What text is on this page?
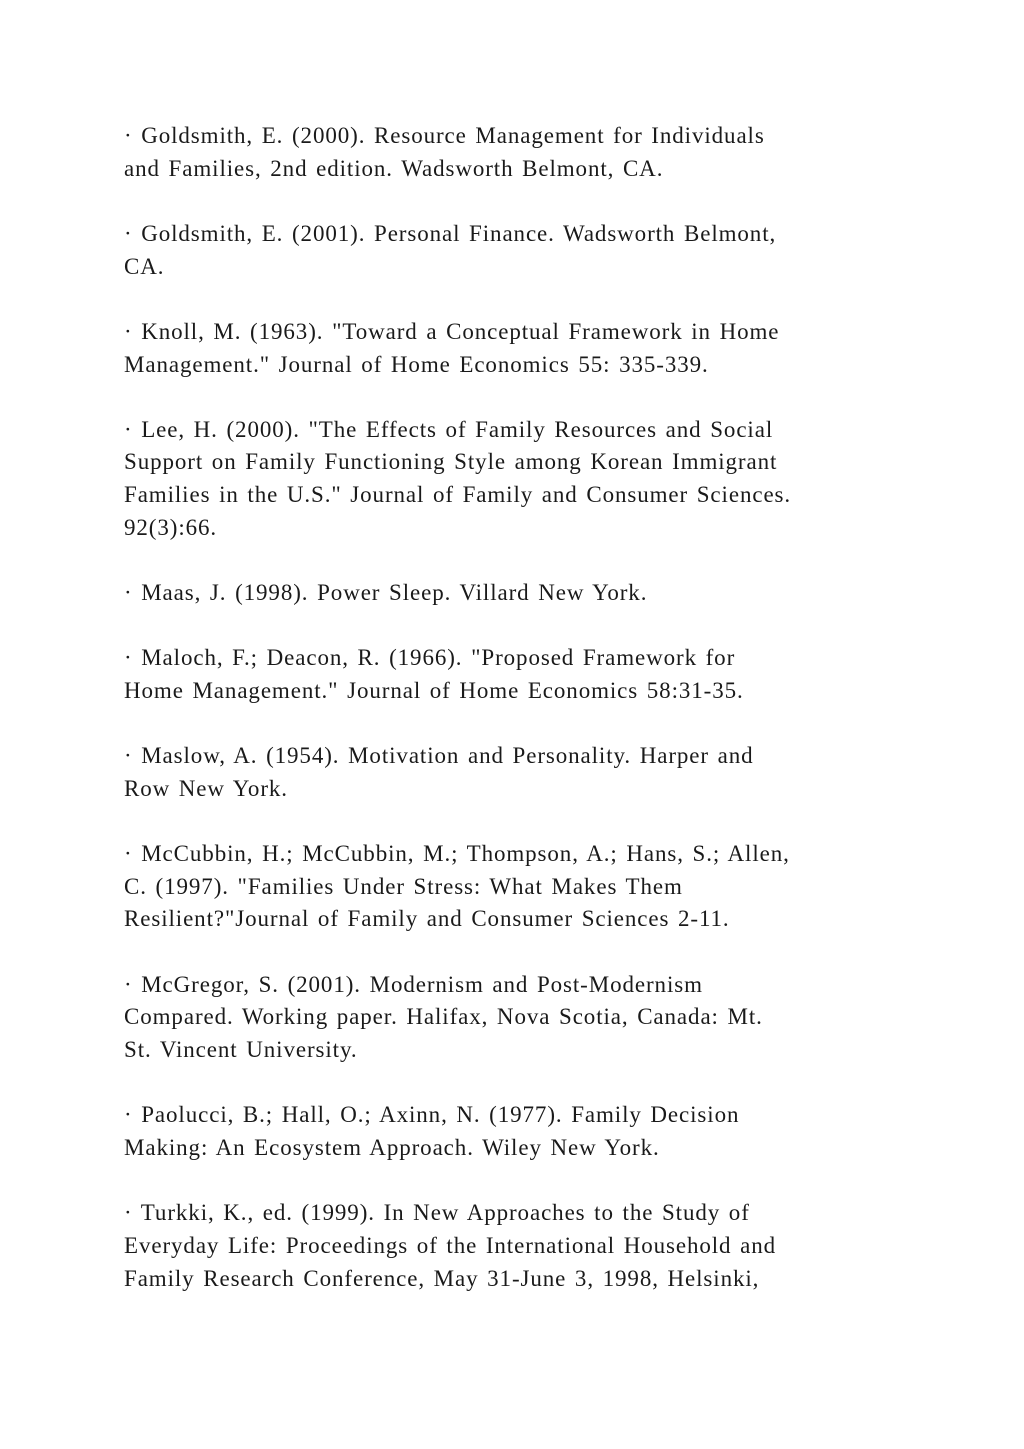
· Goldsmith, E. (2000). Resource Management for Individuals
and Families, 2nd edition. Wadsworth Belmont, CA.
· Goldsmith, E. (2001). Personal Finance. Wadsworth Belmont,
CA.
· Knoll, M. (1963). "Toward a Conceptual Framework in Home
Management." Journal of Home Economics 55: 335-339.
· Lee, H. (2000). "The Effects of Family Resources and Social
Support on Family Functioning Style among Korean Immigrant
Families in the U.S." Journal of Family and Consumer Sciences.
92(3):66.
· Maas, J. (1998). Power Sleep. Villard New York.
· Maloch, F.; Deacon, R. (1966). "Proposed Framework for
Home Management." Journal of Home Economics 58:31-35.
· Maslow, A. (1954). Motivation and Personality. Harper and
Row New York.
· McCubbin, H.; McCubbin, M.; Thompson, A.; Hans, S.; Allen,
C. (1997). "Families Under Stress: What Makes Them
Resilient?"Journal of Family and Consumer Sciences 2-11.
· McGregor, S. (2001). Modernism and Post-Modernism
Compared. Working paper. Halifax, Nova Scotia, Canada: Mt.
St. Vincent University.
· Paolucci, B.; Hall, O.; Axinn, N. (1977). Family Decision
Making: An Ecosystem Approach. Wiley New York.
· Turkki, K., ed. (1999). In New Approaches to the Study of
Everyday Life: Proceedings of the International Household and
Family Research Conference, May 31-June 3, 1998, Helsinki,
